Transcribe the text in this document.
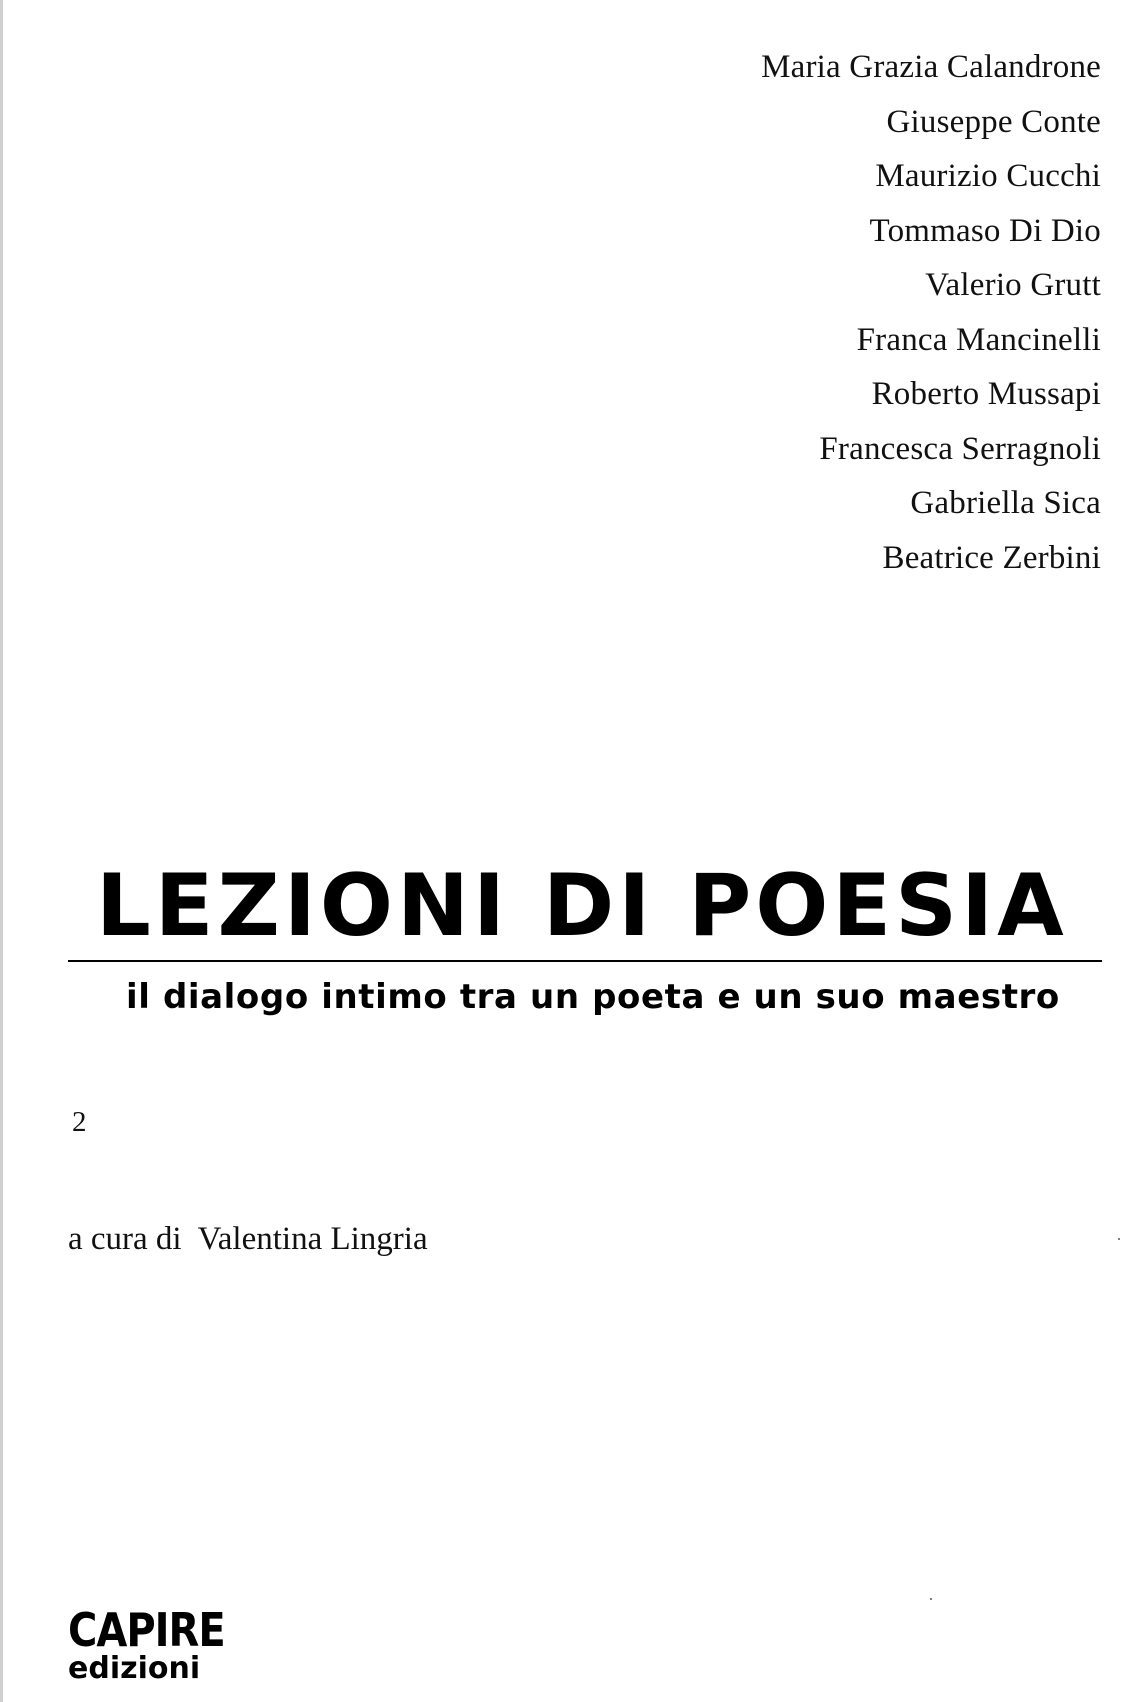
Maria Grazia Calandrone
Giuseppe Conte
Maurizio Cucchi
Tommaso Di Dio
Valerio Grutt
Franca Mancinelli
Roberto Mussapi
Francesca Serragnoli
Gabriella Sica
Beatrice Zerbini
LEZIONI DI POESIA
il dialogo intimo tra un poeta e un suo maestro
2
a cura di Valentina Lingria
CAPIRE
edizioni
